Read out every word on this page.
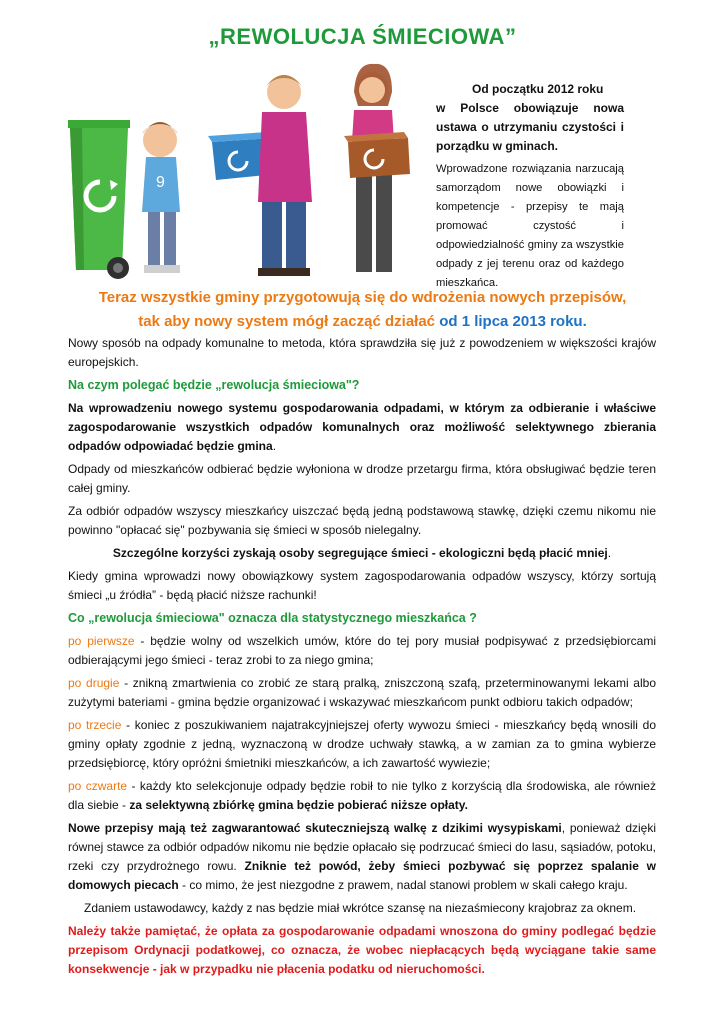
„REWOLUCJA ŚMIECIOWA”
9

Od początku 2012 roku
w Polsce obowiązuje nowa ustawa o utrzymaniu czystości i porządku w gminach.

Wprowadzone rozwiązania narzucają samorządom nowe obowiązki i kompetencje - przepisy te mają promować czystość i odpowiedzialność gminy za wszystkie odpady z jej terenu oraz od każdego mieszkańca.

Teraz wszystkie gminy przygotowują się do wdrożenia nowych przepisów,
tak aby nowy system mógł zacząć działać od 1 lipca 2013 roku.

Nowy sposób na odpady komunalne to metoda, która sprawdziła się już z powodzeniem w większości krajów europejskich.

Na czym polegać będzie „rewolucja śmieciowa"?

Na wprowadzeniu nowego systemu gospodarowania odpadami, w którym za odbieranie i właściwe zagospodarowanie wszystkich odpadów komunalnych oraz możliwość selektywnego zbierania odpadów odpowiadać będzie gmina.

Odpady od mieszkańców odbierać będzie wyłoniona w drodze przetargu firma, która obsługiwać będzie teren całej gminy.

Za odbiór odpadów wszyscy mieszkańcy uiszczać będą jedną podstawową stawkę, dzięki czemu nikomu nie powinno "opłacać się" pozbywania się śmieci w sposób nielegalny.

Szczególne korzyści zyskają osoby segregujące śmieci - ekologiczni będą płacić mniej.

Kiedy gmina wprowadzi nowy obowiązkowy system zagospodarowania odpadów wszyscy, którzy sortują śmieci „u źródła” - będą płacić niższe rachunki!

Co „rewolucja śmieciowa" oznacza dla statystycznego mieszkańca ?

po pierwsze - będzie wolny od wszelkich umów, które do tej pory musiał podpisywać z przedsiębiorcami odbierającymi jego śmieci - teraz zrobi to za niego gmina;

po drugie - znikną zmartwienia co zrobić ze starą pralką, zniszczoną szafą, przeterminowanymi lekami albo zużytymi bateriami - gmina będzie organizować i wskazywać mieszkańcom punkt odbioru takich odpadów;

po trzecie - koniec z poszukiwaniem najatrakcyjniejszej oferty wywozu śmieci - mieszkańcy będą wnosili do gminy opłaty zgodnie z jedną, wyznaczoną w drodze uchwały stawką, a w zamian za to gmina wybierze przedsiębiorcę, który opróżni śmietniki mieszkańców, a ich zawartość wywiezie;

po czwarte - każdy kto selekcjonuje odpady będzie robił to nie tylko z korzyścią dla środowiska, ale również dla siebie - za selektywną zbiórkę gmina będzie pobierać niższe opłaty.

Nowe przepisy mają też zagwarantować skuteczniejszą walkę z dzikimi wysypiskami, ponieważ dzięki równej stawce za odbiór odpadów nikomu nie będzie opłacało się podrzucać śmieci do lasu, sąsiadów, potoku, rzeki czy przydrożnego rowu. Zniknie też powód, żeby śmieci pozbywać się poprzez spalanie w domowych piecach - co mimo, że jest niezgodne z prawem, nadal stanowi problem w skali całego kraju.

Zdaniem ustawodawcy, każdy z nas będzie miał wkrótce szansę na niezaśmiecony krajobraz za oknem.

Należy także pamiętać, że opłata za gospodarowanie odpadami wnoszona do gminy podlegać będzie przepisom Ordynacji podatkowej, co oznacza, że wobec niepłacących będą wyciągane takie same konsekwencje - jak w przypadku nie płacenia podatku od nieruchomości.
